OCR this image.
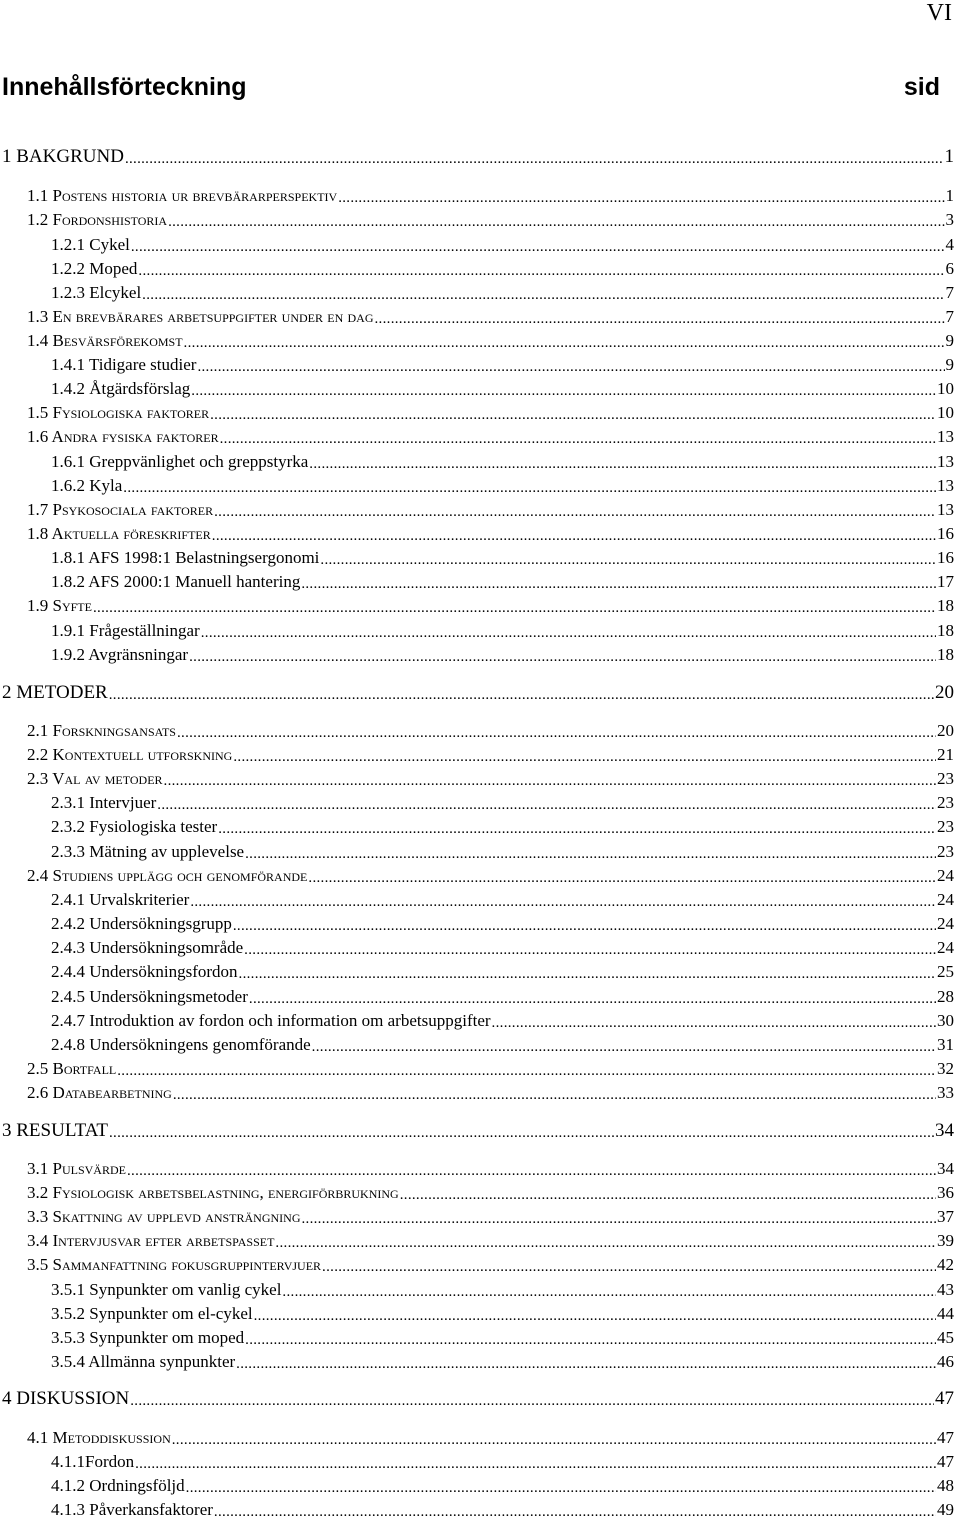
VI
Innehållsförteckning	sid
1 BAKGRUND .....	1
1.1 Postens historia ur brevbärarperspektiv .....	1
1.2 Fordonshistoria .....	3
1.2.1 Cykel .....	4
1.2.2 Moped .....	6
1.2.3 Elcykel .....	7
1.3 En brevbärares arbetsuppgifter under en dag .....	7
1.4 Besvärsförekomst .....	9
1.4.1 Tidigare studier .....	9
1.4.2 Åtgärdsförslag .....	10
1.5 Fysiologiska faktorer .....	10
1.6 Andra fysiska faktorer .....	13
1.6.1 Greppvänlighet och greppstyrka .....	13
1.6.2 Kyla .....	13
1.7 Psykosociala faktorer .....	13
1.8 Aktuella föreskrifter .....	16
1.8.1 AFS 1998:1 Belastningsergonomi .....	16
1.8.2 AFS 2000:1 Manuell hantering .....	17
1.9 Syfte .....	18
1.9.1 Frågeställningar .....	18
1.9.2 Avgränsningar .....	18
2 METODER .....	20
2.1 Forskningsansats .....	20
2.2 Kontextuell utforskning .....	21
2.3 Val av metoder .....	23
2.3.1 Intervjuer .....	23
2.3.2 Fysiologiska tester .....	23
2.3.3 Mätning av upplevelse .....	23
2.4 Studiens upplägg och genomförande .....	24
2.4.1 Urvalskriterier .....	24
2.4.2 Undersökningsgrupp .....	24
2.4.3 Undersökningsområde .....	24
2.4.4 Undersökningsfordon .....	25
2.4.5 Undersökningsmetoder .....	28
2.4.7 Introduktion av fordon och information om arbetsuppgifter .....	30
2.4.8 Undersökningens genomförande .....	31
2.5 Bortfall .....	32
2.6 Databearbetning .....	33
3 RESULTAT .....	34
3.1 Pulsvärde .....	34
3.2 Fysiologisk arbetsbelastning, energiförbrukning .....	36
3.3 Skattning av upplevd ansträngning .....	37
3.4 Intervjusvar efter arbetspasset .....	39
3.5 Sammanfattning fokusgruppintervjuer .....	42
3.5.1 Synpunkter om vanlig cykel .....	43
3.5.2 Synpunkter om el-cykel .....	44
3.5.3 Synpunkter om moped .....	45
3.5.4 Allmänna synpunkter .....	46
4 DISKUSSION .....	47
4.1 Metoddiskussion .....	47
4.1.1Fordon .....	47
4.1.2 Ordningsföljd .....	48
4.1.3 Påverkansfaktorer .....	49
